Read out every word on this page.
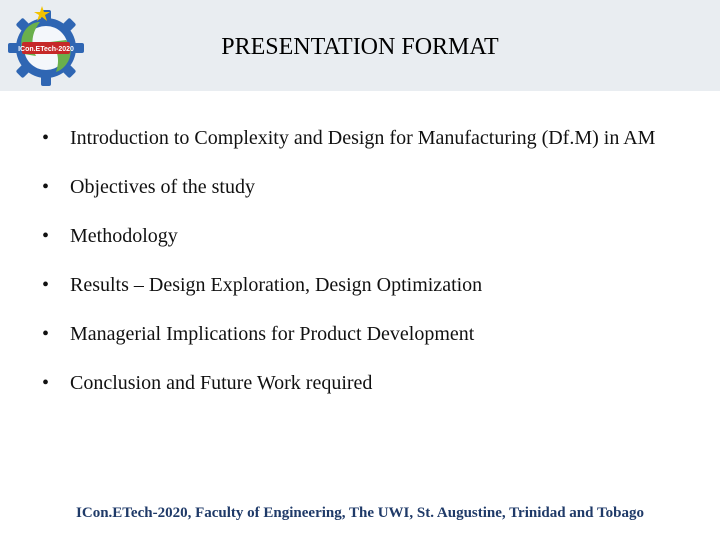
ICon.ETech-2020	PRESENTATION FORMAT
•	Introduction to Complexity and Design for Manufacturing (Df.M) in AM
•	Objectives of the study
•	Methodology
•	Results – Design Exploration, Design Optimization
•	Managerial Implications for Product Development
•	Conclusion and Future Work required
ICon.ETech-2020, Faculty of Engineering, The UWI, St. Augustine, Trinidad and Tobago
